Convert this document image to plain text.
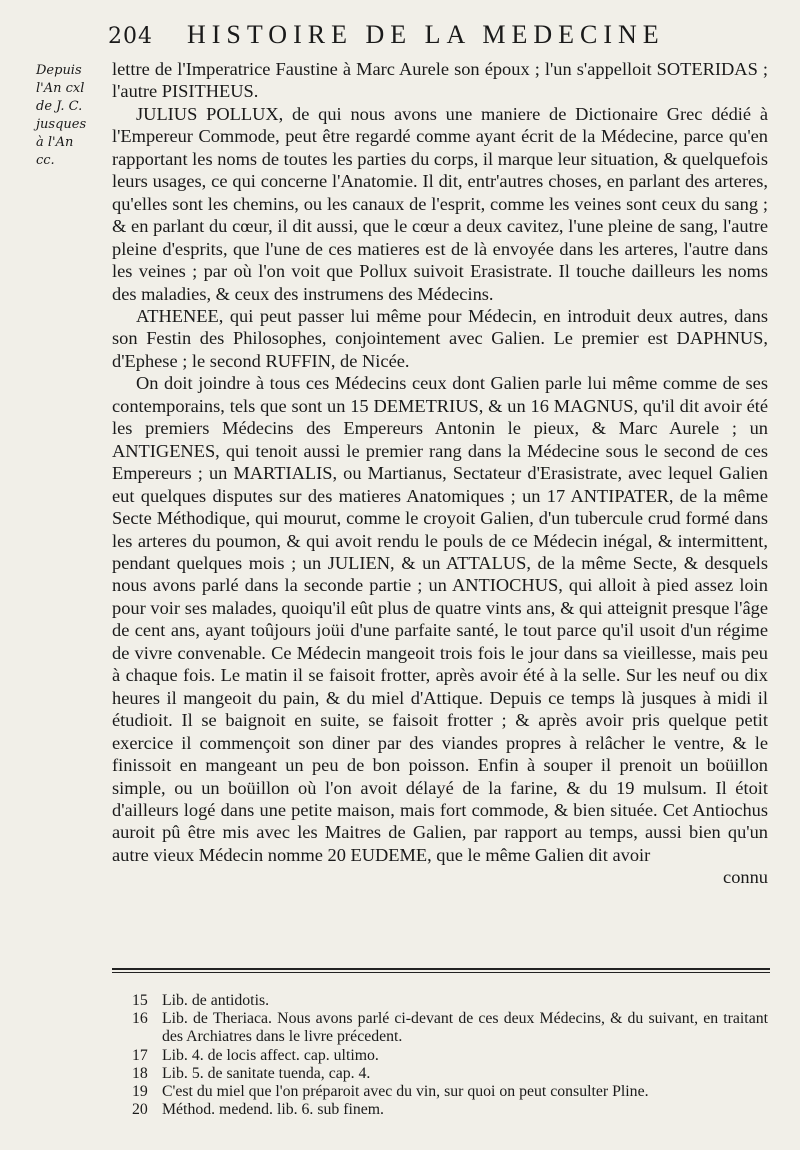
204 HISTOIRE DE LA MEDECINE
Depuis
l'An cxl
de J. C.
jusques
à l'An
cc.

lettre de l'Imperatrice Faustine à Marc Aurele son époux ; l'un s'appelloit SOTERIDAS ; l'autre PISITHEUS.

JULIUS POLLUX, de qui nous avons une maniere de Dictionaire Grec dédié à l'Empereur Commode, peut être regardé comme ayant écrit de la Médecine, parce qu'en rapportant les noms de toutes les parties du corps, il marque leur situation, & quelquefois leurs usages, ce qui concerne l'Anatomie. Il dit, entr'autres choses, en parlant des arteres, qu'elles sont les chemins, ou les canaux de l'esprit, comme les veines sont ceux du sang ; & en parlant du cœur, il dit aussi, que le cœur a deux cavitez, l'une pleine de sang, l'autre pleine d'esprits, que l'une de ces matieres est de là envoyée dans les arteres, l'autre dans les veines ; par où l'on voit que Pollux suivoit Erasistrate. Il touche dailleurs les noms des maladies, & ceux des instrumens des Médecins.

ATHENEE, qui peut passer lui même pour Médecin, en introduit deux autres, dans son Festin des Philosophes, conjointement avec Galien. Le premier est DAPHNUS, d'Ephese ; le second RUFFIN, de Nicée.

On doit joindre à tous ces Médecins ceux dont Galien parle lui même comme de ses contemporains, tels que sont un 15 DEMETRIUS, & un 16 MAGNUS, qu'il dit avoir été les premiers Médecins des Empereurs Antonin le pieux, & Marc Aurele ; un ANTIGENES, qui tenoit aussi le premier rang dans la Médecine sous le second de ces Empereurs ; un MARTIALIS, ou Martianus, Sectateur d'Erasistrate, avec lequel Galien eut quelques disputes sur des matieres Anatomiques ; un 17 ANTIPATER, de la même Secte Méthodique, qui mourut, comme le croyoit Galien, d'un tubercule crud formé dans les arteres du poumon, & qui avoit rendu le pouls de ce Médecin inégal, & intermittent, pendant quelques mois ; un JULIEN, & un ATTALUS, de la même Secte, & desquels nous avons parlé dans la seconde partie ; un ANTIOCHUS, qui alloit à pied assez loin pour voir ses malades, quoiqu'il eût plus de quatre vints ans, & qui atteignit presque l'âge de cent ans, ayant toûjours joüi d'une parfaite santé, le tout parce qu'il usoit d'un régime de vivre convenable. Ce Médecin mangeoit trois fois le jour dans sa vieillesse, mais peu à chaque fois. Le matin il se faisoit frotter, après avoir été à la selle. Sur les neuf ou dix heures il mangeoit du pain, & du miel d'Attique. Depuis ce temps là jusques à midi il étudioit. Il se baignoit en suite, se faisoit frotter ; & après avoir pris quelque petit exercice il commençoit son diner par des viandes propres à relâcher le ventre, & le finissoit en mangeant un peu de bon poisson. Enfin à souper il prenoit un boüillon simple, ou un boüillon où l'on avoit délayé de la farine, & du 19 mulsum. Il étoit d'ailleurs logé dans une petite maison, mais fort commode, & bien située. Cet Antiochus auroit pû être mis avec les Maitres de Galien, par rapport au temps, aussi bien qu'un autre vieux Médecin nomme 20 EUDEME, que le même Galien dit avoir

connu

15 Lib. de antidotis.
16 Lib. de Theriaca. Nous avons parlé ci-devant de ces deux Médecins, & du suivant, en traitant des Archiatres dans le livre précedent.
17 Lib. 4. de locis affect. cap. ultimo.
18 Lib. 5. de sanitate tuenda, cap. 4.
19 C'est du miel que l'on préparoit avec du vin, sur quoi on peut consulter Pline.
20 Méthod. medend. lib. 6. sub finem.
